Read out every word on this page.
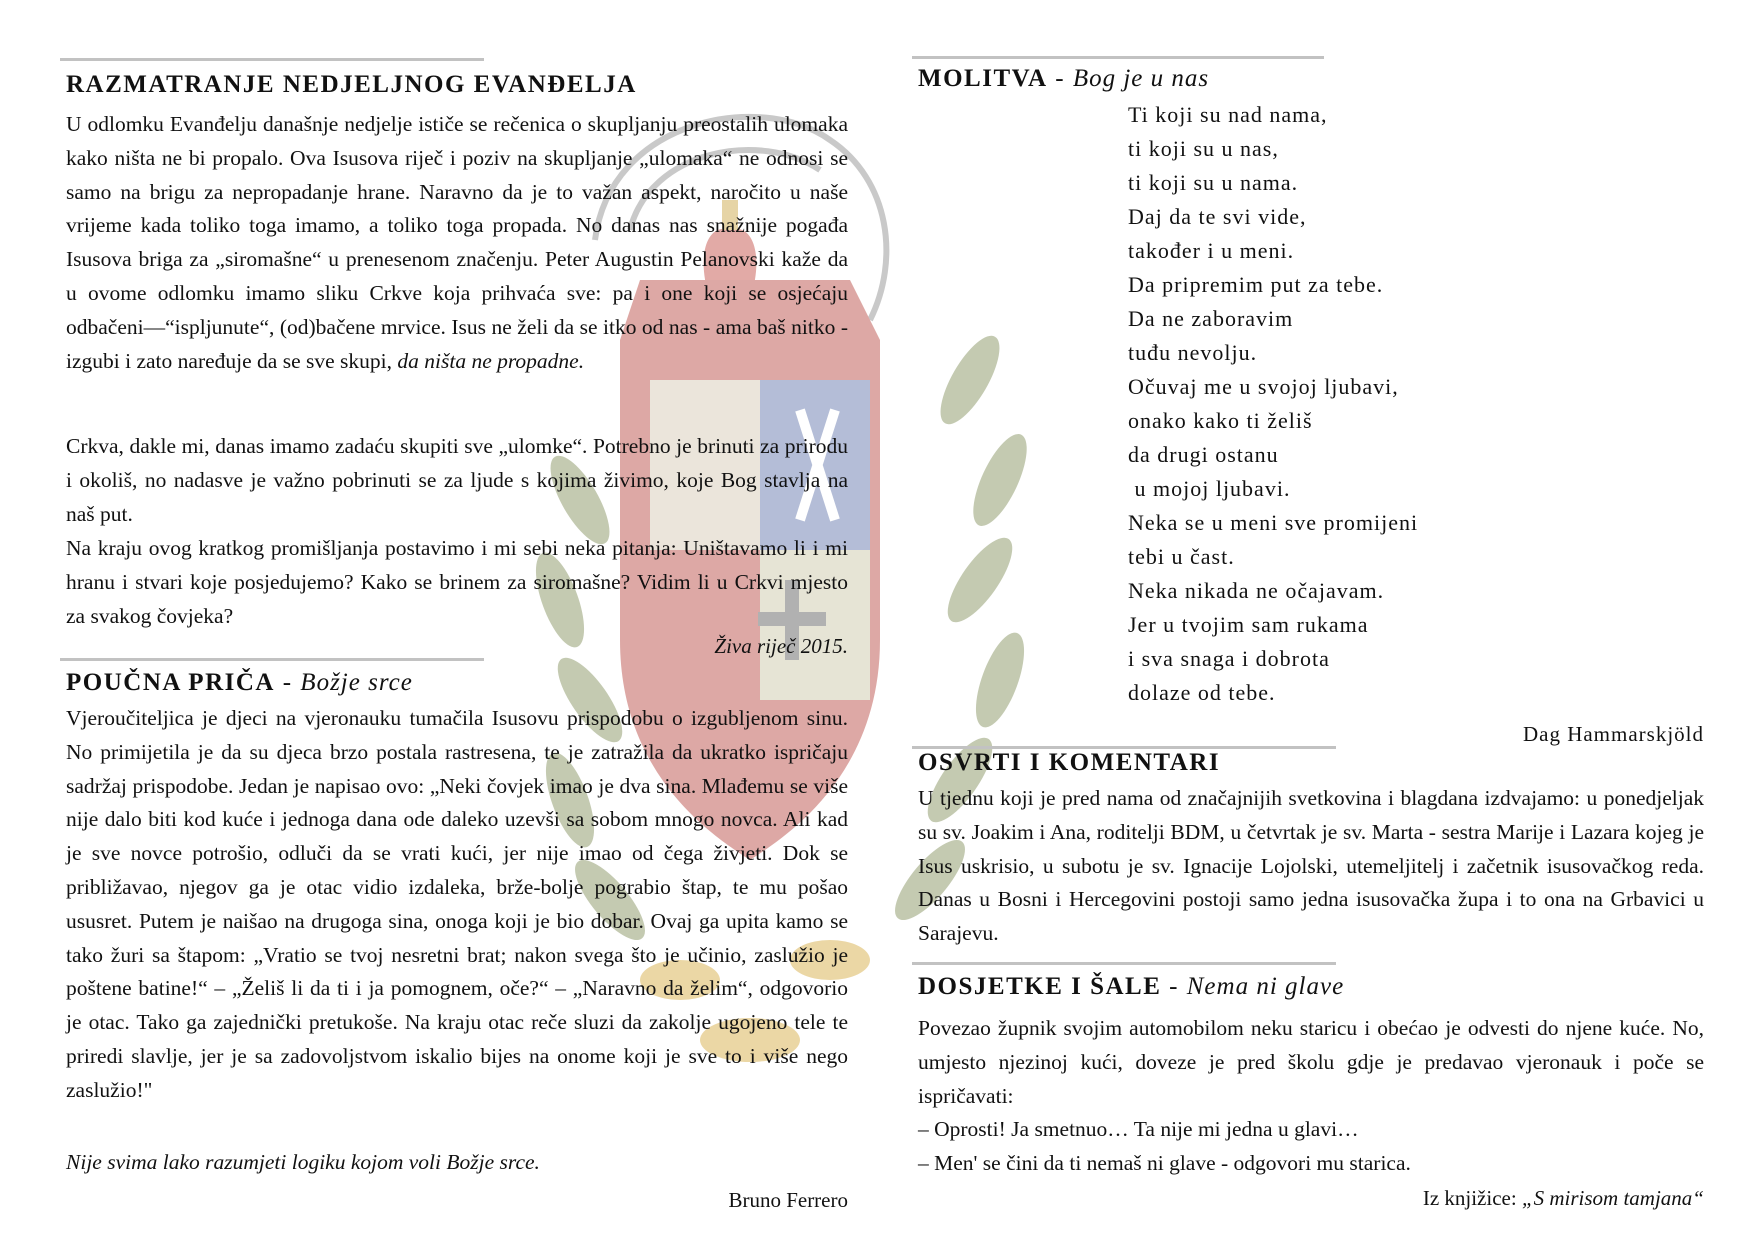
RAZMATRANJE NEDJELJNOG EVANĐELJA

U odlomku Evanđelju današnje nedjelje ističe se rečenica o skupljanju preostalih ulomaka kako ništa ne bi propalo. Ova Isusova riječ i poziv na skupljanje „ulomaka“ ne odnosi se samo na brigu za nepropadanje hrane. Naravno da je to važan aspekt, naročito u naše vrijeme kada toliko toga imamo, a toliko toga propada. No danas nas snažnije pogađa Isusova briga za „siromašne“ u prenesenom značenju. Peter Augustin Pelanovski kaže da u ovome odlomku imamo sliku Crkve koja prihvaća sve: pa i one koji se osjećaju odbačeni—“ispljunute“, (od)bačene mrvice. Isus ne želi da se itko od nas - ama baš nitko - izgubi i zato naređuje da se sve skupi, da ništa ne propadne.

Crkva, dakle mi, danas imamo zadaću skupiti sve „ulomke“. Potrebno je brinuti za prirodu i okoliš, no nadasve je važno pobrinuti se za ljude s kojima živimo, koje Bog stavlja na naš put.

Na kraju ovog kratkog promišljanja postavimo i mi sebi neka pitanja: Uništavamo li i mi hranu i stvari koje posjedujemo? Kako se brinem za siromašne? Vidim li u Crkvi mjesto za svakog čovjeka?

Živa riječ 2015.

POUČNA PRIČA - Božje srce

Vjeroučiteljica je djeci na vjeronauku tumačila Isusovu prispodobu o izgubljenom sinu. No primijetila je da su djeca brzo postala rastresena, te je zatražila da ukratko ispričaju sadržaj prispodobe. Jedan je napisao ovo: „Neki čovjek imao je dva sina. Mlađemu se više nije dalo biti kod kuće i jednoga dana ode daleko uzevši sa sobom mnogo novca. Ali kad je sve novce potrošio, odluči da se vrati kući, jer nije imao od čega živjeti. Dok se približavao, njegov ga je otac vidio izdaleka, brže-bolje pograbio štap, te mu pošao ususret. Putem je naišao na drugoga sina, onoga koji je bio dobar. Ovaj ga upita kamo se tako žuri sa štapom: „Vratio se tvoj nesretni brat; nakon svega što je učinio, zaslužio je poštene batine!“ – „Želiš li da ti i ja pomognem, oče?“ – „Naravno da želim“, odgovorio je otac. Tako ga zajednički pretukoše. Na kraju otac reče sluzi da zakolje ugojeno tele te priredi slavlje, jer je sa zadovoljstvom iskalio bijes na onome koji je sve to i više nego zaslužio!"

Nije svima lako razumjeti logiku kojom voli Božje srce.

Bruno Ferrero

MOLITVA - Bog je u nas
Ti koji su nad nama,
ti koji su u nas,
ti koji su u nama.
Daj da te svi vide,
također i u meni.
Da pripremim put za tebe.
Da ne zaboravim
tuđu nevolju.
Očuvaj me u svojoj ljubavi,
onako kako ti želiš
da drugi ostanu
u mojoj ljubavi.
Neka se u meni sve promijeni
tebi u čast.
Neka nikada ne očajavam.
Jer u tvojim sam rukama
i sva snaga i dobrota
dolaze od tebe.

Dag Hammarskjöld

OSVRTI I KOMENTARI

U tjednu koji je pred nama od značajnijih svetkovina i blagdana izdvajamo: u ponedjeljak su sv. Joakim i Ana, roditelji BDM, u četvrtak je sv. Marta - sestra Marije i Lazara kojeg je Isus uskrisio, u subotu je sv. Ignacije Lojolski, utemeljitelj i začetnik isusovačkog reda. Danas u Bosni i Hercegovini postoji samo jedna isusovačka župa i to ona na Grbavici u Sarajevu.

DOSJETKE I ŠALE - Nema ni glave

Povezao župnik svojim automobilom neku staricu i obećao je odvesti do njene kuće. No, umjesto njezinoj kući, doveze je pred školu gdje je predavao vjeronauk i poče se ispričavati:

– Oprosti! Ja smetnuo… Ta nije mi jedna u glavi…

– Men' se čini da ti nemaš ni glave - odgovori mu starica.

Iz knjižice: „S mirisom tamjana“
